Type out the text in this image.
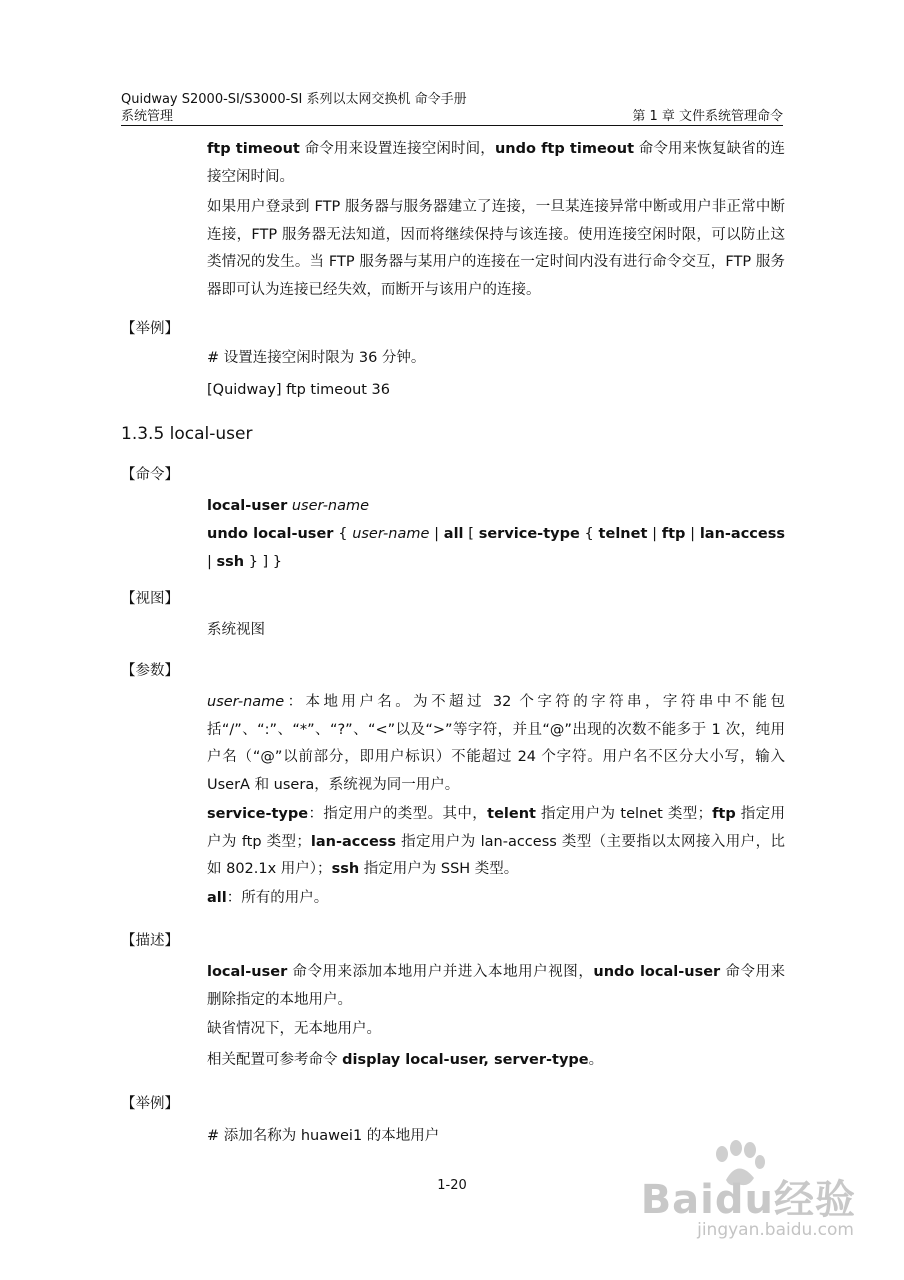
Quidway S2000-SI/S3000-SI 系列以太网交换机 命令手册
系统管理	第 1 章 文件系统管理命令
ftp timeout 命令用来设置连接空闲时间，undo ftp timeout 命令用来恢复缺省的连接空闲时间。
如果用户登录到 FTP 服务器与服务器建立了连接，一旦某连接异常中断或用户非正常中断连接，FTP 服务器无法知道，因而将继续保持与该连接。使用连接空闲时限，可以防止这类情况的发生。当 FTP 服务器与某用户的连接在一定时间内没有进行命令交互，FTP 服务器即可认为连接已经失效，而断开与该用户的连接。
【举例】
# 设置连接空闲时限为 36 分钟。
[Quidway] ftp timeout 36
1.3.5 local-user
【命令】
local-user user-name
undo local-user { user-name | all [ service-type { telnet | ftp | lan-access | ssh } ] }
【视图】
系统视图
【参数】
user-name：本地用户名。为不超过 32 个字符的字符串，字符串中不能包括“/”、“:”、“*”、“?”、“<”以及“>”等字符，并且“@”出现的次数不能多于 1 次，纯用户名（“@”以前部分，即用户标识）不能超过 24 个字符。用户名不区分大小写，输入 UserA 和 usera，系统视为同一用户。
service-type：指定用户的类型。其中，telent 指定用户为 telnet 类型；ftp 指定用户为 ftp 类型；lan-access 指定用户为 lan-access 类型（主要指以太网接入用户，比如 802.1x 用户）；ssh 指定用户为 SSH 类型。
all：所有的用户。
【描述】
local-user 命令用来添加本地用户并进入本地用户视图，undo local-user 命令用来删除指定的本地用户。
缺省情况下，无本地用户。
相关配置可参考命令 display local-user, server-type。
【举例】
# 添加名称为 huawei1 的本地用户
1-20	Baidu经验
jingyan.baidu.com
